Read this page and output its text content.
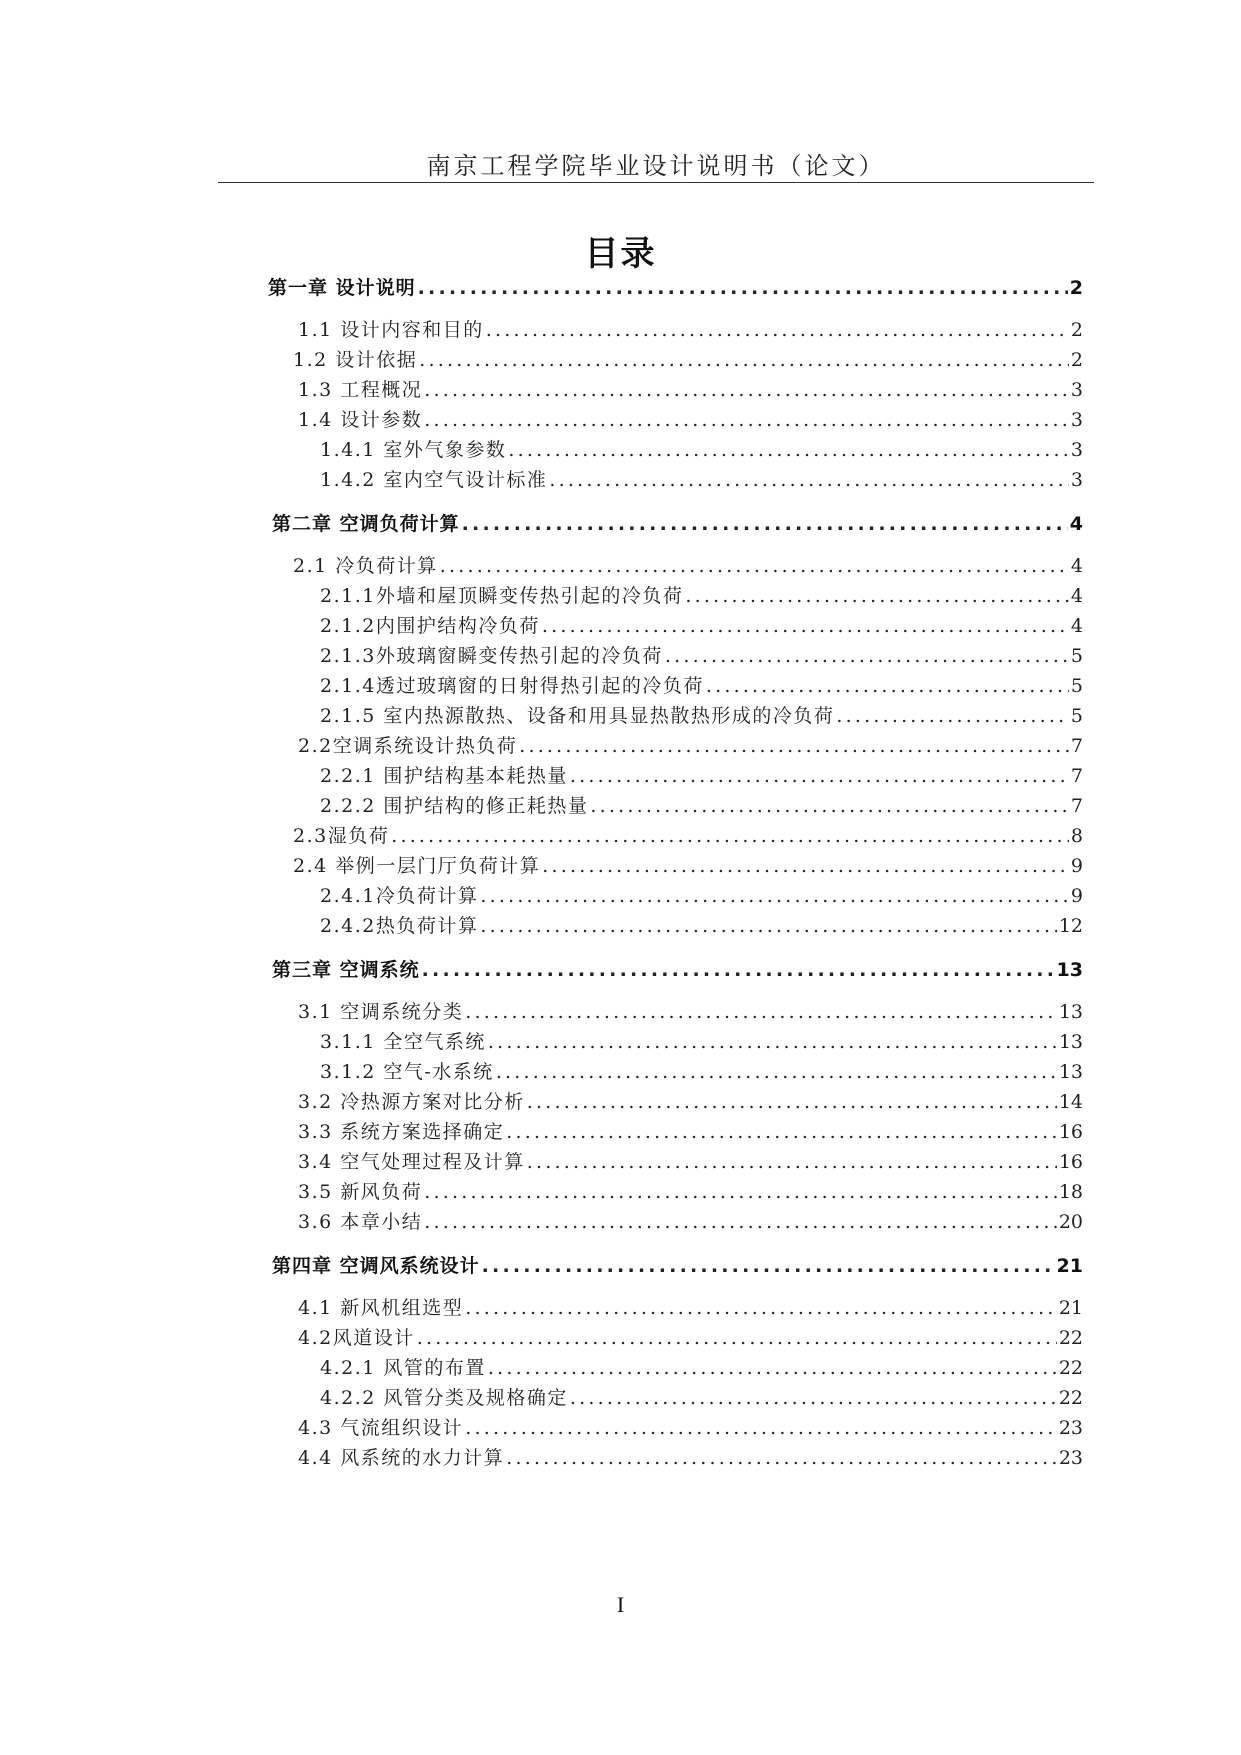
南京工程学院毕业设计说明书（论文）
目录
第一章 设计说明 .....	2
1.1 设计内容和目的 .....	2
1.2 设计依据 .....	2
1.3 工程概况 .....	3
1.4 设计参数 .....	3
1.4.1 室外气象参数 .....	3
1.4.2 室内空气设计标准 .....	3
第二章 空调负荷计算 .....	4
2.1 冷负荷计算 .....	4
2.1.1外墙和屋顶瞬变传热引起的冷负荷 .....	4
2.1.2内围护结构冷负荷 .....	4
2.1.3外玻璃窗瞬变传热引起的冷负荷 .....	5
2.1.4透过玻璃窗的日射得热引起的冷负荷 .....	5
2.1.5 室内热源散热、设备和用具显热散热形成的冷负荷 .....	5
2.2空调系统设计热负荷 .....	7
2.2.1 围护结构基本耗热量 .....	7
2.2.2 围护结构的修正耗热量 .....	7
2.3湿负荷 .....	8
2.4 举例一层门厅负荷计算 .....	9
2.4.1冷负荷计算 .....	9
2.4.2热负荷计算 .....	12
第三章 空调系统 .....	13
3.1 空调系统分类 .....	13
3.1.1 全空气系统 .....	13
3.1.2 空气-水系统 .....	13
3.2 冷热源方案对比分析 .....	14
3.3 系统方案选择确定 .....	16
3.4 空气处理过程及计算 .....	16
3.5 新风负荷 .....	18
3.6 本章小结 .....	20
第四章 空调风系统设计 .....	21
4.1 新风机组选型 .....	21
4.2风道设计 .....	22
4.2.1 风管的布置 .....	22
4.2.2 风管分类及规格确定 .....	22
4.3 气流组织设计 .....	23
4.4 风系统的水力计算 .....	23
I
